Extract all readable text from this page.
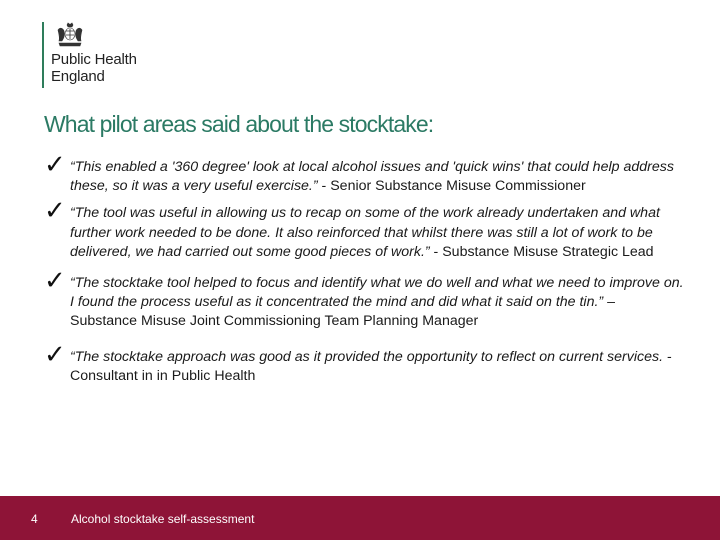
Public Health
England
What pilot areas said about the stocktake:
✓ “This enabled a '360 degree' look at local alcohol issues and 'quick wins' that could help address these, so it was a very useful exercise.” - Senior Substance Misuse Commissioner
✓ “The tool was useful in allowing us to recap on some of the work already undertaken and what further work needed to be done. It also reinforced that whilst there was still a lot of work to be delivered, we had carried out some good pieces of work.” - Substance Misuse Strategic Lead
✓ “The stocktake tool helped to focus and identify what we do well and what we need to improve on. I found the process useful as it concentrated the mind and did what it said on the tin.” – Substance Misuse Joint Commissioning Team Planning Manager
✓ “The stocktake approach was good as it provided the opportunity to reflect on current services. - Consultant in in Public Health
4	Alcohol stocktake self-assessment
